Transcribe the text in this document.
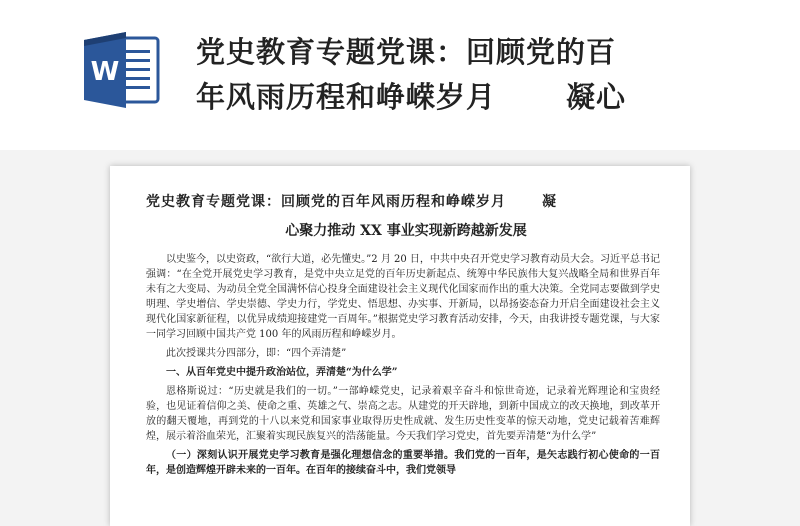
W
党史教育专题党课：回顾党的百
年风雨历程和峥嵘岁月 凝心
党史教育专题党课：回顾党的百年风雨历程和峥嵘岁月	凝
心聚力推动 XX 事业实现新跨越新发展

以史鉴今，以史资政，“欲行大道，必先懂史。”2 月 20 日，中共中央召开党史学习教育动员大会。习近平总书记强调：“在全党开展党史学习教育，是党中央立足党的百年历史新起点、统筹中华民族伟大复兴战略全局和世界百年未有之大变局、为动员全党全国满怀信心投身全面建设社会主义现代化国家而作出的重大决策。全党同志要做到学史明理、学史增信、学史崇德、学史力行，学党史、悟思想、办实事、开新局，以昂扬姿态奋力开启全面建设社会主义现代化国家新征程，以优异成绩迎接建党一百周年。”根据党史学习教育活动安排，今天，由我讲授专题党课，与大家一同学习回顾中国共产党 100 年的风雨历程和峥嵘岁月。

此次授课共分四部分，即：“四个弄清楚”

一、从百年党史中提升政治站位，弄清楚“为什么学”

恩格斯说过：“历史就是我们的一切。”一部峥嵘党史，记录着艰辛奋斗和惊世奇迹，记录着光辉理论和宝贵经验，也见证着信仰之美、使命之重、英雄之气、崇高之志。从建党的开天辟地，到新中国成立的改天换地，到改革开放的翻天覆地，再到党的十八以来党和国家事业取得历史性成就、发生历史性变革的惊天动地，党史记载着苦难辉煌，展示着浴血荣光，汇聚着实现民族复兴的浩荡能量。今天我们学习党史，首先要弄清楚“为什么学”

（一）深刻认识开展党史学习教育是强化理想信念的重要举措。我们党的一百年，是矢志践行初心使命的一百年，是创造辉煌开辟未来的一百年。在百年的接续奋斗中，我们党领导
